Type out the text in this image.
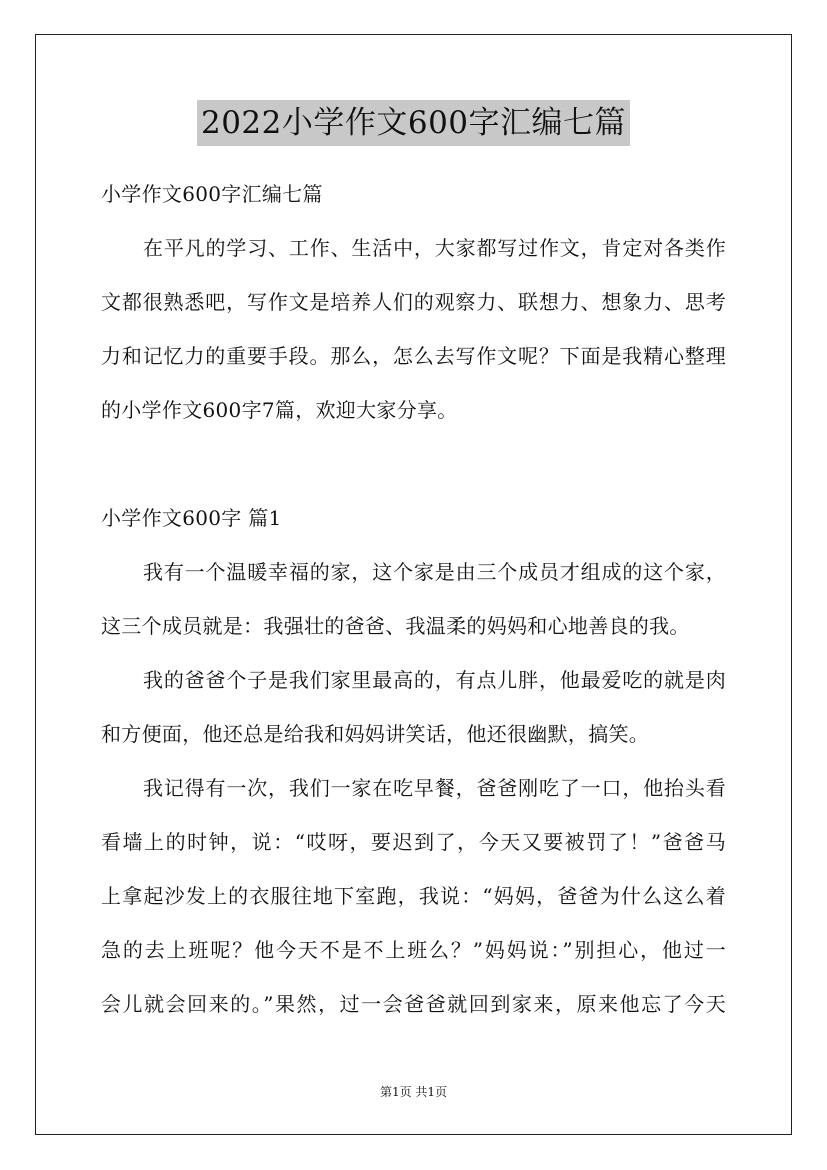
2022小学作文600字汇编七篇
小学作文600字汇编七篇
在平凡的学习、工作、生活中，大家都写过作文，肯定对各类作
文都很熟悉吧，写作文是培养人们的观察力、联想力、想象力、思考
力和记忆力的重要手段。那么，怎么去写作文呢？下面是我精心整理
的小学作文600字7篇，欢迎大家分享。
小学作文600字 篇1
我有一个温暖幸福的家，这个家是由三个成员才组成的这个家，
这三个成员就是：我强壮的爸爸、我温柔的妈妈和心地善良的我。
我的爸爸个子是我们家里最高的，有点儿胖，他最爱吃的就是肉
和方便面，他还总是给我和妈妈讲笑话，他还很幽默，搞笑。
我记得有一次，我们一家在吃早餐，爸爸刚吃了一口，他抬头看
看墙上的时钟，说：“哎呀，要迟到了，今天又要被罚了！”爸爸马
上拿起沙发上的衣服往地下室跑，我说：“妈妈，爸爸为什么这么着
急的去上班呢？他今天不是不上班么？”妈妈说：”别担心，他过一
会儿就会回来的。”果然，过一会爸爸就回到家来，原来他忘了今天
第1页 共1页
